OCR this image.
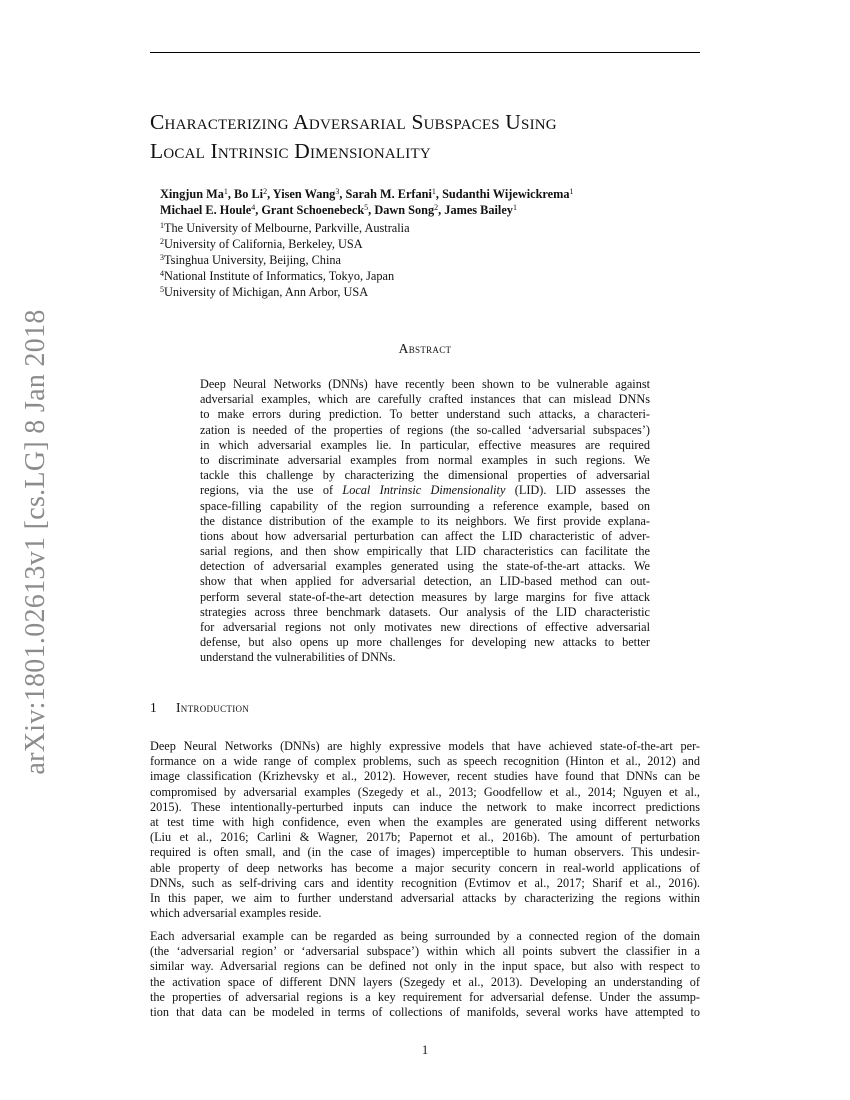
arXiv:1801.02613v1 [cs.LG] 8 Jan 2018
Characterizing Adversarial Subspaces Using
Local Intrinsic Dimensionality
Xingjun Ma$^1$, Bo Li$^2$, Yisen Wang$^3$, Sarah M. Erfani$^1$, Sudanthi Wijewickrema$^1$
Michael E. Houle$^4$, Grant Schoenebeck$^5$, Dawn Song$^2$, James Bailey$^1$
$^1$The University of Melbourne, Parkville, Australia
$^2$University of California, Berkeley, USA
$^3$Tsinghua University, Beijing, China
$^4$National Institute of Informatics, Tokyo, Japan
$^5$University of Michigan, Ann Arbor, USA
Abstract
Deep Neural Networks (DNNs) have recently been shown to be vulnerable against
adversarial examples, which are carefully crafted instances that can mislead DNNs
to make errors during prediction. To better understand such attacks, a characteri-
zation is needed of the properties of regions (the so-called ‘adversarial subspaces’)
in which adversarial examples lie. In particular, effective measures are required
to discriminate adversarial examples from normal examples in such regions. We
tackle this challenge by characterizing the dimensional properties of adversarial
regions, via the use of Local Intrinsic Dimensionality (LID). LID assesses the
space-filling capability of the region surrounding a reference example, based on
the distance distribution of the example to its neighbors. We first provide explana-
tions about how adversarial perturbation can affect the LID characteristic of adver-
sarial regions, and then show empirically that LID characteristics can facilitate the
detection of adversarial examples generated using the state-of-the-art attacks. We
show that when applied for adversarial detection, an LID-based method can out-
perform several state-of-the-art detection measures by large margins for five attack
strategies across three benchmark datasets. Our analysis of the LID characteristic
for adversarial regions not only motivates new directions of effective adversarial
defense, but also opens up more challenges for developing new attacks to better
understand the vulnerabilities of DNNs.
1 Introduction
Deep Neural Networks (DNNs) are highly expressive models that have achieved state-of-the-art per-
formance on a wide range of complex problems, such as speech recognition (Hinton et al., 2012) and
image classification (Krizhevsky et al., 2012). However, recent studies have found that DNNs can be
compromised by adversarial examples (Szegedy et al., 2013; Goodfellow et al., 2014; Nguyen et al.,
2015). These intentionally-perturbed inputs can induce the network to make incorrect predictions
at test time with high confidence, even when the examples are generated using different networks
(Liu et al., 2016; Carlini & Wagner, 2017b; Papernot et al., 2016b). The amount of perturbation
required is often small, and (in the case of images) imperceptible to human observers. This undesir-
able property of deep networks has become a major security concern in real-world applications of
DNNs, such as self-driving cars and identity recognition (Evtimov et al., 2017; Sharif et al., 2016).
In this paper, we aim to further understand adversarial attacks by characterizing the regions within
which adversarial examples reside.
Each adversarial example can be regarded as being surrounded by a connected region of the domain
(the ‘adversarial region’ or ‘adversarial subspace’) within which all points subvert the classifier in a
similar way. Adversarial regions can be defined not only in the input space, but also with respect to
the activation space of different DNN layers (Szegedy et al., 2013). Developing an understanding of
the properties of adversarial regions is a key requirement for adversarial defense. Under the assump-
tion that data can be modeled in terms of collections of manifolds, several works have attempted to
1
